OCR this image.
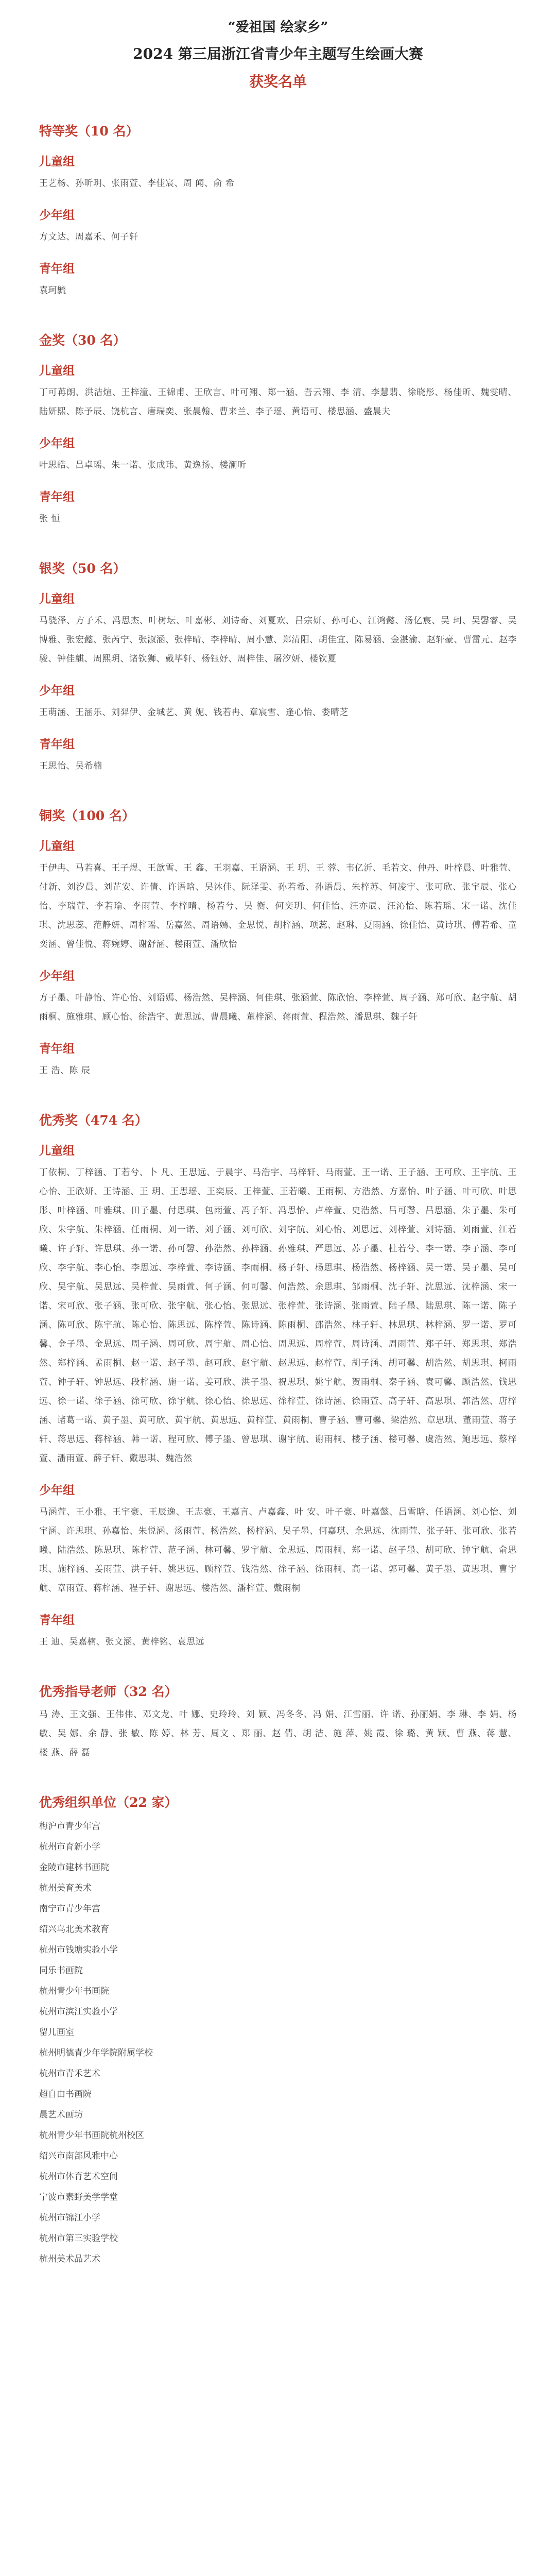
“爱祖国 绘家乡”
2024 第三届浙江省青少年主题写生绘画大赛
获奖名单
特等奖（10 名）
儿童组
王艺杨、孙昕玥、张雨萱、李佳宸、周 闻、俞 希
少年组
方文达、周嘉禾、何子轩
青年组
袁珂毓
金奖（30 名）
儿童组
丁可苒朗、洪洁煊、王梓潼、王锦甫、王欣言、叶可翔、郑一涵、吾云翔、李 清、李慧翡、徐晓彤、杨佳昕、魏雯晴、陆妍熙、陈予辰、饶杭言、唐瑞奕、张晨翰、曹来兰、李子瑶、黄语可、楼思涵、盛晨夫
少年组
叶思皓、吕卓瑶、朱一诺、张成玮、黄逸扬、楼澜昕
青年组
张 恒
银奖（50 名）
儿童组
马骁泽、方子禾、冯思杰、叶树坛、叶嘉彬、刘诗奇、刘夏欢、吕宗妍、孙可心、江鸿懿、汤亿宸、吴 珂、吴馨睿、吴博雅、张宏懿、张芮宁、张淑涵、张梓晴、李梓晴、周小慧、郑清阳、胡佳宜、陈易涵、金湛渝、赵轩豪、曹雷元、赵李骏、钟佳麒、周熙玥、诸钦狮、戴毕轩、杨钰妤、周梓佳、屠汐妍、楼钦夏
少年组
王萌涵、王涵乐、刘羿伊、金城艺、黄 妮、钱若冉、章宸雪、逢心怡、娄晴芝
青年组
王思怡、吴希楠
铜奖（100 名）
儿童组
于伊冉、马若喜、王子煜、王歆雪、王 鑫、王羽嘉、王语涵、王 玥、王 蓉、韦亿沂、毛若文、仲丹、叶梓晨、叶雅萱、付新、刘汐晨、刘芷安、许倩、许语晗、吴沐佳、阮泽雯、孙若希、孙语晨、朱梓苏、何凌宇、张可欣、张宇辰、张心怡、李瑞萱、李若瑜、李雨萱、李梓晴、杨若兮、吴 衡、何奕玥、何佳怡、汪亦辰、汪沁怡、陈若瑶、宋一诺、沈佳琪、沈思蕊、范静妍、周梓瑶、岳嘉然、周语嫣、金思悦、胡梓涵、项蕊、赵琳、夏雨涵、徐佳怡、黄诗琪、傅若希、童奕涵、曾佳悦、蒋婉婷、谢舒涵、楼雨萱、潘欣怡
少年组
方子墨、叶静怡、许心怡、刘语嫣、杨浩然、吴梓涵、何佳琪、张涵萱、陈欣怡、李梓萱、周子涵、郑可欣、赵宇航、胡雨桐、施雅琪、顾心怡、徐浩宇、黄思远、曹晨曦、董梓涵、蒋雨萱、程浩然、潘思琪、魏子轩
青年组
王 浩、陈 辰
优秀奖（474 名）
儿童组
丁依桐、丁梓涵、丁若兮、卜 凡、王思远、于晨宇、马浩宇、马梓轩、马雨萱、王一诺、王子涵、王可欣、王宇航、王心怡、王欣妍、王诗涵、王 玥、王思瑶、王奕辰、王梓萱、王若曦、王雨桐、方浩然、方嘉怡、叶子涵、叶可欣、叶思彤、叶梓涵、叶雅琪、田子墨、付思琪、包雨萱、冯子轩、冯思怡、卢梓萱、史浩然、吕可馨、吕思涵、朱子墨、朱可欣、朱宇航、朱梓涵、任雨桐、刘一诺、刘子涵、刘可欣、刘宇航、刘心怡、刘思远、刘梓萱、刘诗涵、刘雨萱、江若曦、许子轩、许思琪、孙一诺、孙可馨、孙浩然、孙梓涵、孙雅琪、严思远、苏子墨、杜若兮、李一诺、李子涵、李可欣、李宇航、李心怡、李思远、李梓萱、李诗涵、李雨桐、杨子轩、杨思琪、杨浩然、杨梓涵、吴一诺、吴子墨、吴可欣、吴宇航、吴思远、吴梓萱、吴雨萱、何子涵、何可馨、何浩然、余思琪、邹雨桐、沈子轩、沈思远、沈梓涵、宋一诺、宋可欣、张子涵、张可欣、张宇航、张心怡、张思远、张梓萱、张诗涵、张雨萱、陆子墨、陆思琪、陈一诺、陈子涵、陈可欣、陈宇航、陈心怡、陈思远、陈梓萱、陈诗涵、陈雨桐、邵浩然、林子轩、林思琪、林梓涵、罗一诺、罗可馨、金子墨、金思远、周子涵、周可欣、周宇航、周心怡、周思远、周梓萱、周诗涵、周雨萱、郑子轩、郑思琪、郑浩然、郑梓涵、孟雨桐、赵一诺、赵子墨、赵可欣、赵宇航、赵思远、赵梓萱、胡子涵、胡可馨、胡浩然、胡思琪、柯雨萱、钟子轩、钟思远、段梓涵、施一诺、姜可欣、洪子墨、祝思琪、姚宇航、贺雨桐、秦子涵、袁可馨、顾浩然、钱思远、徐一诺、徐子涵、徐可欣、徐宇航、徐心怡、徐思远、徐梓萱、徐诗涵、徐雨萱、高子轩、高思琪、郭浩然、唐梓涵、诸葛一诺、黄子墨、黄可欣、黄宇航、黄思远、黄梓萱、黄雨桐、曹子涵、曹可馨、梁浩然、章思琪、董雨萱、蒋子轩、蒋思远、蒋梓涵、韩一诺、程可欣、傅子墨、曾思琪、谢宇航、谢雨桐、楼子涵、楼可馨、虞浩然、鲍思远、蔡梓萱、潘雨萱、薛子轩、戴思琪、魏浩然
少年组
马涵萱、王小雅、王宇豪、王辰逸、王志豪、王嘉言、卢嘉鑫、叶 安、叶子豪、叶嘉懿、吕雪晗、任语涵、刘心怡、刘宇涵、许思琪、孙嘉怡、朱悦涵、汤雨萱、杨浩然、杨梓涵、吴子墨、何嘉琪、余思远、沈雨萱、张子轩、张可欣、张若曦、陆浩然、陈思琪、陈梓萱、范子涵、林可馨、罗宇航、金思远、周雨桐、郑一诺、赵子墨、胡可欣、钟宇航、俞思琪、施梓涵、姜雨萱、洪子轩、姚思远、顾梓萱、钱浩然、徐子涵、徐雨桐、高一诺、郭可馨、黄子墨、黄思琪、曹宇航、章雨萱、蒋梓涵、程子轩、谢思远、楼浩然、潘梓萱、戴雨桐
青年组
王 迪、吴嘉楠、张文涵、黄梓铭、袁思远
优秀指导老师（32 名）
马 涛、王文强、王伟伟、邓文龙、叶 娜、史玲玲、刘 颖、冯冬冬、冯 娟、江雪丽、许 诺、孙丽娟、李 琳、李 娟、杨 敏、吴 娜、余 静、张 敏、陈 婷、林 芳、周文 、郑 丽、赵 倩、胡 洁、施 萍、姚 霞、徐 璐、黄 颖、曹 燕、蒋 慧、楼 燕、薛 磊
优秀组织单位（22 家）
梅沪市青少年宫
杭州市育新小学
金陵市建林书画院
杭州美育美术
南宁市青少年宫
绍兴乌北美术教育
杭州市钱塘实验小学
同乐书画院
杭州青少年书画院
杭州市滨江实验小学
留儿画室
杭州明德青少年学院附属学校
杭州市青禾艺术
超自由书画院
晨艺术画坊
杭州青少年书画院杭州校区
绍兴市南部风雅中心
杭州市体育艺术空间
宁波市素野美学学堂
杭州市锦江小学
杭州市第三实验学校
杭州美术品艺术
